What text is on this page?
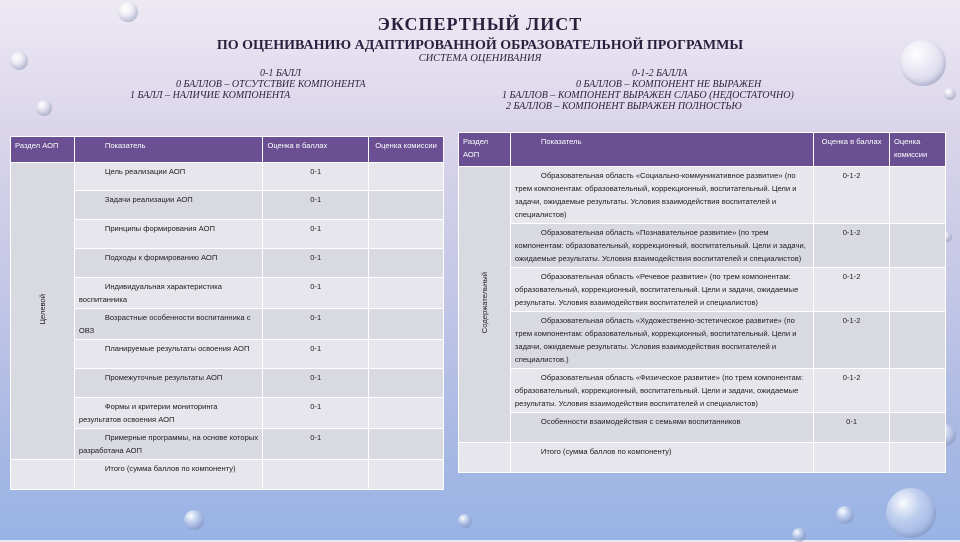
ЭКСПЕРТНЫЙ ЛИСТ
ПО ОЦЕНИВАНИЮ АДАПТИРОВАННОЙ ОБРАЗОВАТЕЛЬНОЙ ПРОГРАММЫ
СИСТЕМА ОЦЕНИВАНИЯ
0-1 БАЛЛ
0 БАЛЛОВ – ОТСУТСТВИЕ КОМПОНЕНТА
1 БАЛЛ – НАЛИЧИЕ КОМПОНЕНТА
0-1-2 БАЛЛА
0 БАЛЛОВ – КОМПОНЕНТ НЕ ВЫРАЖЕН
1 БАЛЛОВ – КОМПОНЕНТ ВЫРАЖЕН СЛАБО (НЕДОСТАТОЧНО)
2 БАЛЛОВ – КОМПОНЕНТ ВЫРАЖЕН ПОЛНОСТЬЮ
Раздел АОП	Показатель	Оценка в баллах	Оценка комиссии
Целевой	Цель реализации АОП	0-1	
	Задачи реализации АОП	0-1	
	Принципы формирования АОП	0-1	
	Подходы к формированию АОП	0-1	
	Индивидуальная характеристика воспитанника	0-1	
	Возрастные особенности воспитанника с ОВЗ	0-1	
	Планируемые результаты освоения АОП	0-1	
	Промежуточные результаты АОП	0-1	
	Формы и критерии мониторинга результатов освоения АОП	0-1	
	Примерные программы, на основе которых разработана АОП	0-1	
	Итого (сумма баллов по компоненту)		
Раздел АОП	Показатель	Оценка в баллах	Оценка комиссии
Содержательный	Образовательная область «Социально-коммуникативное развитие» (по трем компонентам: образовательный, коррекционный, воспитательный. Цели и задачи, ожидаемые результаты. Условия взаимодействия воспитателей и специалистов)	0-1-2	
	Образовательная область «Познавательное развитие» (по трем компонентам: образовательный, коррекционный, воспитательный. Цели и задачи, ожидаемые результаты. Условия взаимодействия воспитателей и специалистов)	0-1-2	
	Образовательная область «Речевое развитие» (по трем компонентам: образовательный, коррекционный, воспитательный. Цели и задачи, ожидаемые результаты. Условия взаимодействия воспитателей и специалистов)	0-1-2	
	Образовательная область «Художественно-эстетическое развитие» (по трем компонентам: образовательный, коррекционный, воспитательный. Цели и задачи, ожидаемые результаты. Условия взаимодействия воспитателей и специалистов.)	0-1-2	
	Образовательная область «Физическое развитие» (по трем компонентам: образовательный, коррекционный, воспитательный. Цели и задачи, ожидаемые результаты. Условия взаимодействия воспитателей и специалистов)	0-1-2	
	Особенности взаимодействия с семьями воспитанников	0-1	
	Итого (сумма баллов по компоненту)		
